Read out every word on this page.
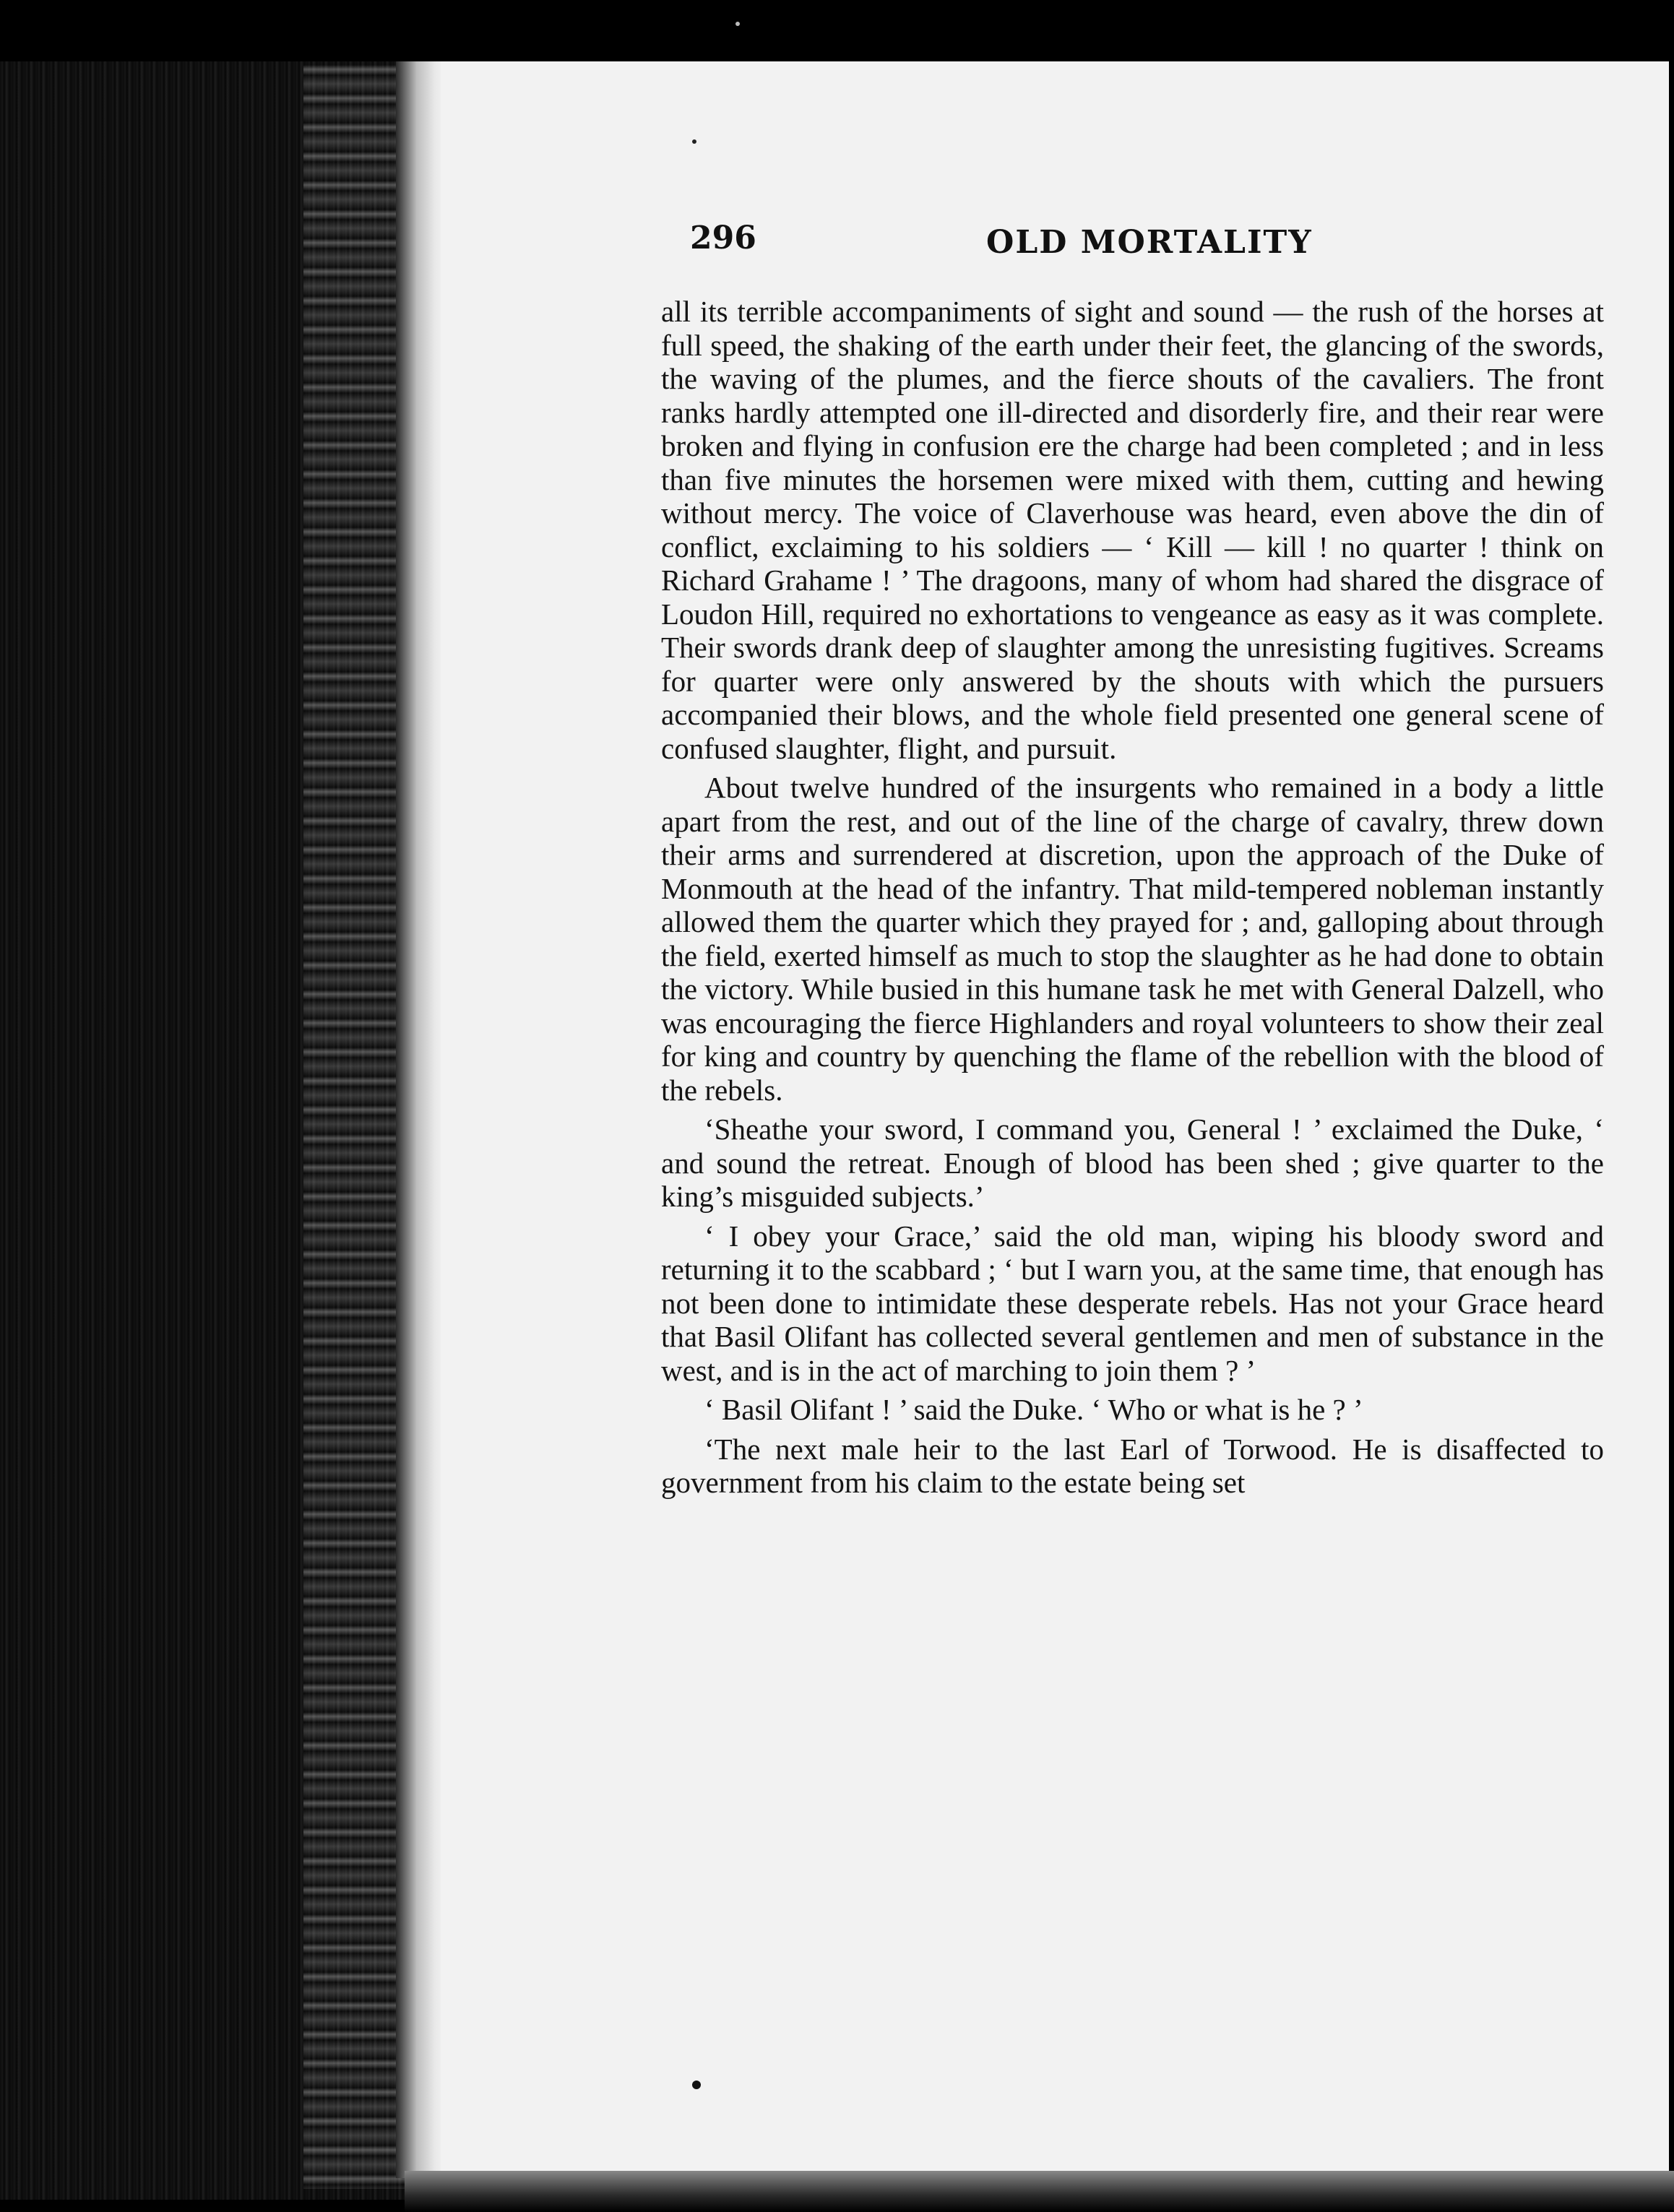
296	OLD MORTALITY

all its terrible accompaniments of sight and sound — the rush of the horses at full speed, the shaking of the earth under their feet, the glancing of the swords, the waving of the plumes, and the fierce shouts of the cavaliers. The front ranks hardly attempted one ill-directed and disorderly fire, and their rear were broken and flying in confusion ere the charge had been completed ; and in less than five minutes the horsemen were mixed with them, cutting and hewing without mercy. The voice of Claverhouse was heard, even above the din of conflict, exclaiming to his soldiers — ‘ Kill — kill ! no quarter ! think on Richard Grahame ! ’ The dragoons, many of whom had shared the disgrace of Loudon Hill, required no exhortations to vengeance as easy as it was complete. Their swords drank deep of slaughter among the unresisting fugitives. Screams for quarter were only answered by the shouts with which the pursuers accompanied their blows, and the whole field presented one general scene of confused slaughter, flight, and pursuit.

About twelve hundred of the insurgents who remained in a body a little apart from the rest, and out of the line of the charge of cavalry, threw down their arms and surrendered at discretion, upon the approach of the Duke of Monmouth at the head of the infantry. That mild-tempered nobleman instantly allowed them the quarter which they prayed for ; and, galloping about through the field, exerted himself as much to stop the slaughter as he had done to obtain the victory. While busied in this humane task he met with General Dalzell, who was encouraging the fierce Highlanders and royal volunteers to show their zeal for king and country by quenching the flame of the rebellion with the blood of the rebels.

‘Sheathe your sword, I command you, General ! ’ exclaimed the Duke, ‘ and sound the retreat. Enough of blood has been shed ; give quarter to the king’s misguided subjects.’

‘ I obey your Grace,’ said the old man, wiping his bloody sword and returning it to the scabbard ; ‘ but I warn you, at the same time, that enough has not been done to intimidate these desperate rebels. Has not your Grace heard that Basil Olifant has collected several gentlemen and men of substance in the west, and is in the act of marching to join them ? ’

‘ Basil Olifant ! ’ said the Duke. ‘ Who or what is he ? ’

‘The next male heir to the last Earl of Torwood. He is disaffected to government from his claim to the estate being set
